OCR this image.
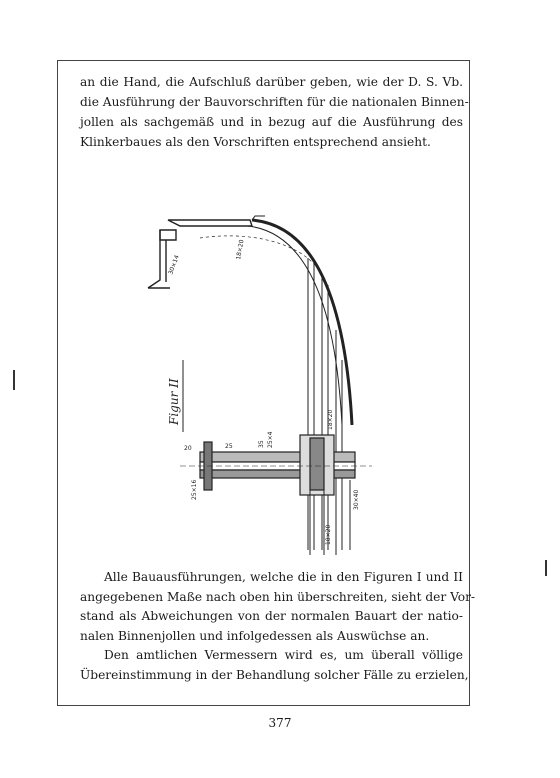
an die Hand, die Aufschluß darüber geben, wie der D. S. Vb.
die Ausführung der Bauvorschriften für die nationalen Binnen-
jollen als sachgemäß und in bezug auf die Ausführung des
Klinkerbaues als den Vorschriften entsprechend ansieht.
Figur II
30×14
18×20
25
20
35 25×4
30×40
18×20
25×16
18×20
Alle Bauausführungen, welche die in den Figuren I und II
angegebenen Maße nach oben hin überschreiten, sieht der Vor-
stand als Abweichungen von der normalen Bauart der natio-
nalen Binnenjollen und infolgedessen als Auswüchse an.
Den amtlichen Vermessern wird es, um überall völlige
Übereinstimmung in der Behandlung solcher Fälle zu erzielen,
377
